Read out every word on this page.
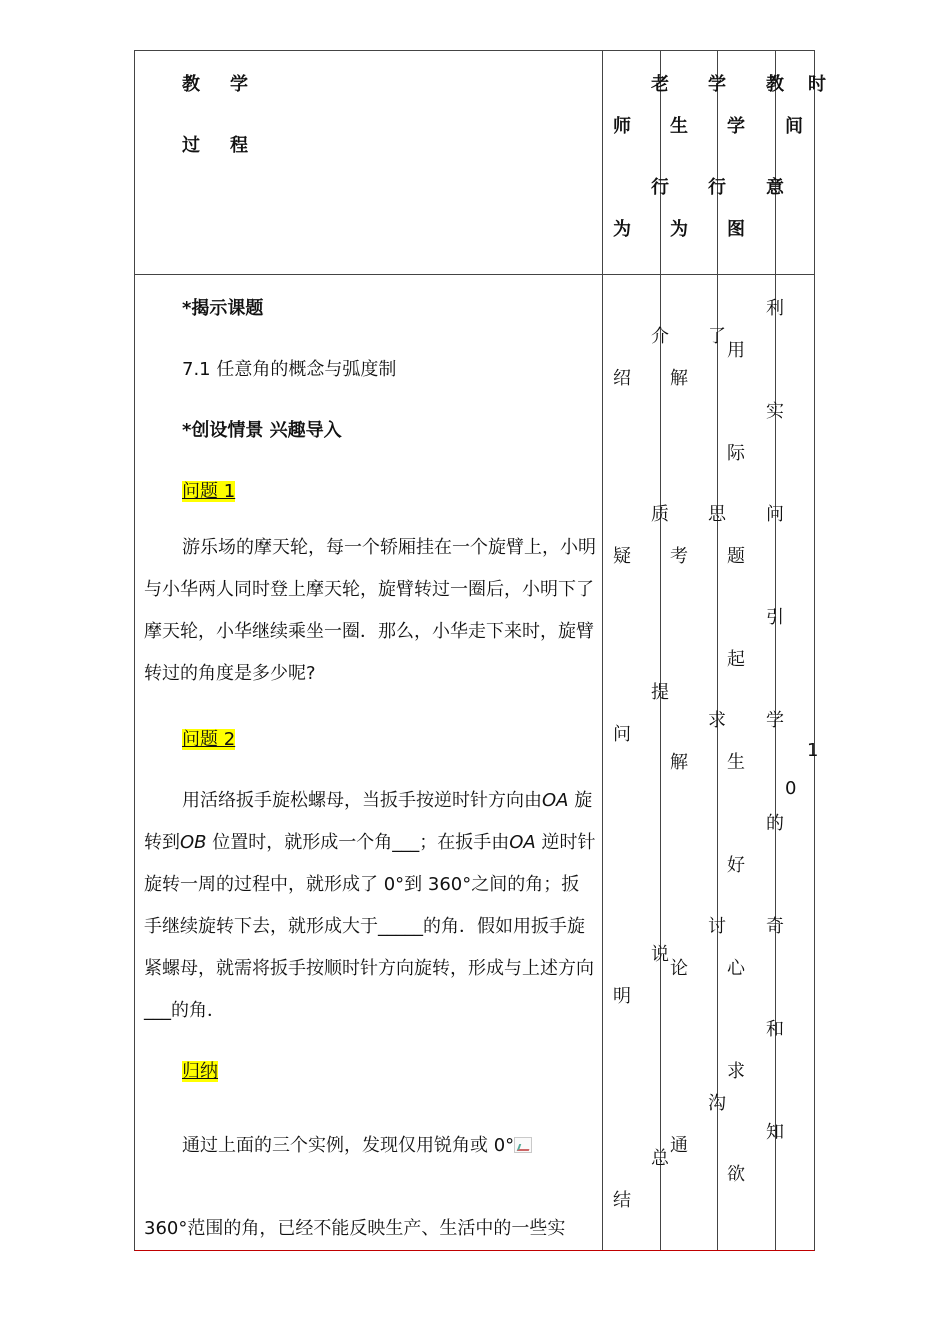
教 学
过 程
老
师
行
为
学
生
行
为
教
学
意
图
时
间
*揭示课题
7.1 任意角的概念与弧度制
*创设情景 兴趣导入
问题 1
游乐场的摩天轮，每一个轿厢挂在一个旋臂上，小明与小华两人同时登上摩天轮，旋臂转过一圈后，小明下了摩天轮，小华继续乘坐一圈．那么，小华走下来时，旋臂转过的角度是多少呢?
问题 2
用活络扳手旋松螺母，当扳手按逆时针方向由OA 旋转到OB 位置时，就形成一个角___；在扳手由OA 逆时针旋转一周的过程中，就形成了 0°到 360°之间的角；扳手继续旋转下去，就形成大于_____的角．假如用扳手旋紧螺母，就需将扳手按顺时针方向旋转，形成与上述方向___的角．
归纳
通过上面的三个实例，发现仅用锐角或 0°
360°范围的角，已经不能反映生产、生活中的一些实
介
绍
质
疑
提
问
说
明
总
结
了
解
思
考
求
解
讨
论
通
沟
利
用
实
际
问
题
引
起
学
生
的
好
奇
心
和
求
知
欲
1
0
